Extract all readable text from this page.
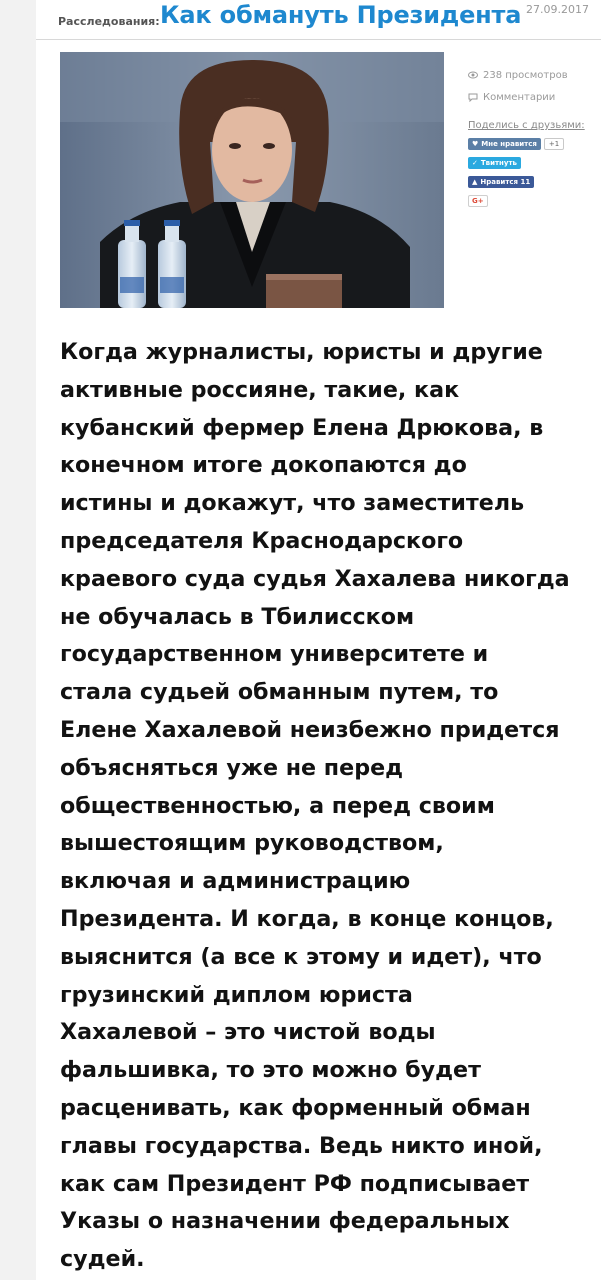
Расследования: Как обмануть Президента 27.09.2017
238 просмотров
Комментарии
Поделись с друзьями:
♥ Мне нравится	+1
✓ Твитнуть
▲ Нравится 11
G+
Когда журналисты, юристы и другие
активные россияне, такие, как
кубанский фермер Елена Дрюкова, в
конечном итоге докопаются до
истины и докажут, что заместитель
председателя Краснодарского
краевого суда судья Хахалева никогда
не обучалась в Тбилисском
государственном университете и
стала судьей обманным путем, то
Елене Хахалевой неизбежно придется
объясняться уже не перед
общественностью, а перед своим
вышестоящим руководством,
включая и администрацию
Президента. И когда, в конце концов,
выяснится (а все к этому и идет), что
грузинский диплом юриста
Хахалевой – это чистой воды
фальшивка, то это можно будет
расценивать, как форменный обман
главы государства. Ведь никто иной,
как сам Президент РФ подписывает
Указы о назначении федеральных
судей.
